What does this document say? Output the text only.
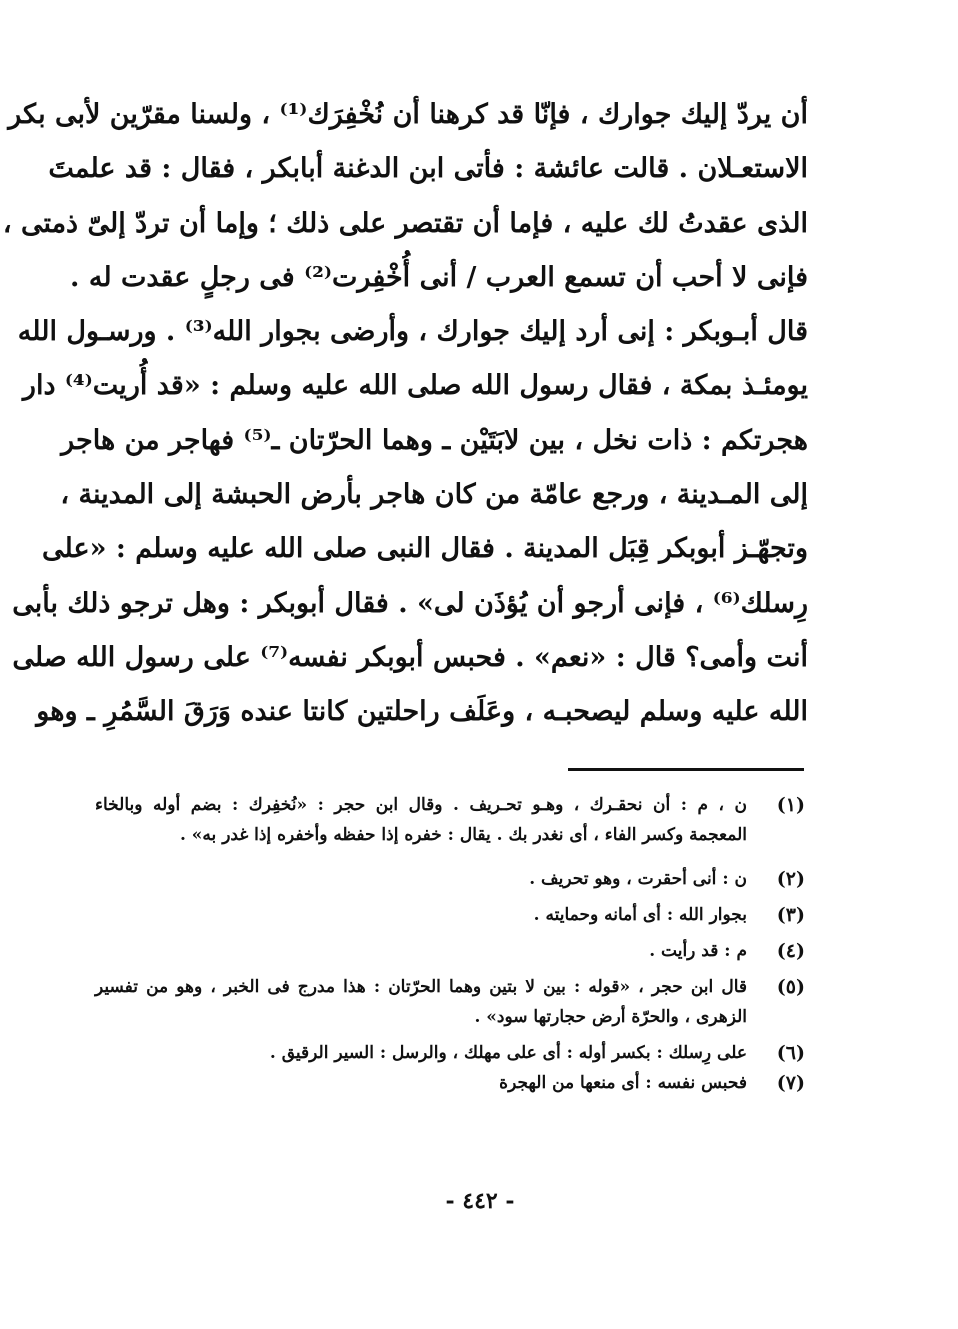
أن يردّ إليك جوارك ، فإنّا قد كرهنا أن نُخْفِرَك⁽¹⁾ ، ولسنا مقرّين لأبى بكر
الاستعـلان . قالت عائشة : فأتى ابن الدغنة أبابكر ، فقال : قد علمتَ
الذى عقدتُ لك عليه ، فإما أن تقتصر على ذلك ؛ وإما أن تردّ إلىّ ذمتى ،
فإنى لا أحب أن تسمع العرب / أنى أُخْفِرت⁽²⁾ فى رجلٍ عقدت له .
قال أبـوبكر : إنى أرد إليك جوارك ، وأرضى بجوار الله⁽³⁾ . ورسـول الله
يومئـذ بمكة ، فقال رسول الله صلى الله عليه وسلم : «قد أُريت⁽⁴⁾ دار
هجرتكم : ذات نخل ، بين لابَتَيْن ـ وهما الحرّتان ـ⁽⁵⁾ فهاجر من هاجر
إلى المـدينة ، ورجع عامّة من كان هاجر بأرض الحبشة إلى المدينة ،
وتجهّـز أبوبكر قِبَل المدينة . فقال النبى صلى الله عليه وسلم : «على
رِسلك⁽⁶⁾ ، فإنى أرجو أن يُؤذَن لى» . فقال أبوبكر : وهل ترجو ذلك بأبى
أنت وأمى؟ قال : «نعم» . فحبس أبوبكر نفسه⁽⁷⁾ على رسول الله صلى
الله عليه وسلم ليصحبـه ، وعَلَف راحلتين كانتا عنده وَرَقَ السَّمُرِ ـ وهو
(١)
ن ، م : أن نحقـرك ، وهـو تحـريف . وقال ابن حجر : «نُخفِرك : بضم أوله وبالخاء
المعجمة وكسر الفاء ، أى نغدر بك . يقال : خفره إذا حفظه وأخفره إذا غدر به» .
(٢)
ن : أنى أحقرت ، وهو تحريف .
(٣)
بجوار الله : أى أمانه وحمايته .
(٤)
م : قد رأيت .
(٥)
قال ابن حجر ، «قوله : بين لا بتين وهما الحرّتان : هذا مدرج فى الخبر ، وهو من تفسير
الزهرى ، والحرّة أرض حجارتها سود» .
(٦)
على رِسلك : بكسر أوله : أى على مهلك ، والرسل : السير الرقيق .
(٧)
فحبس نفسه : أى منعها من الهجرة
- ٤٤٢ -
